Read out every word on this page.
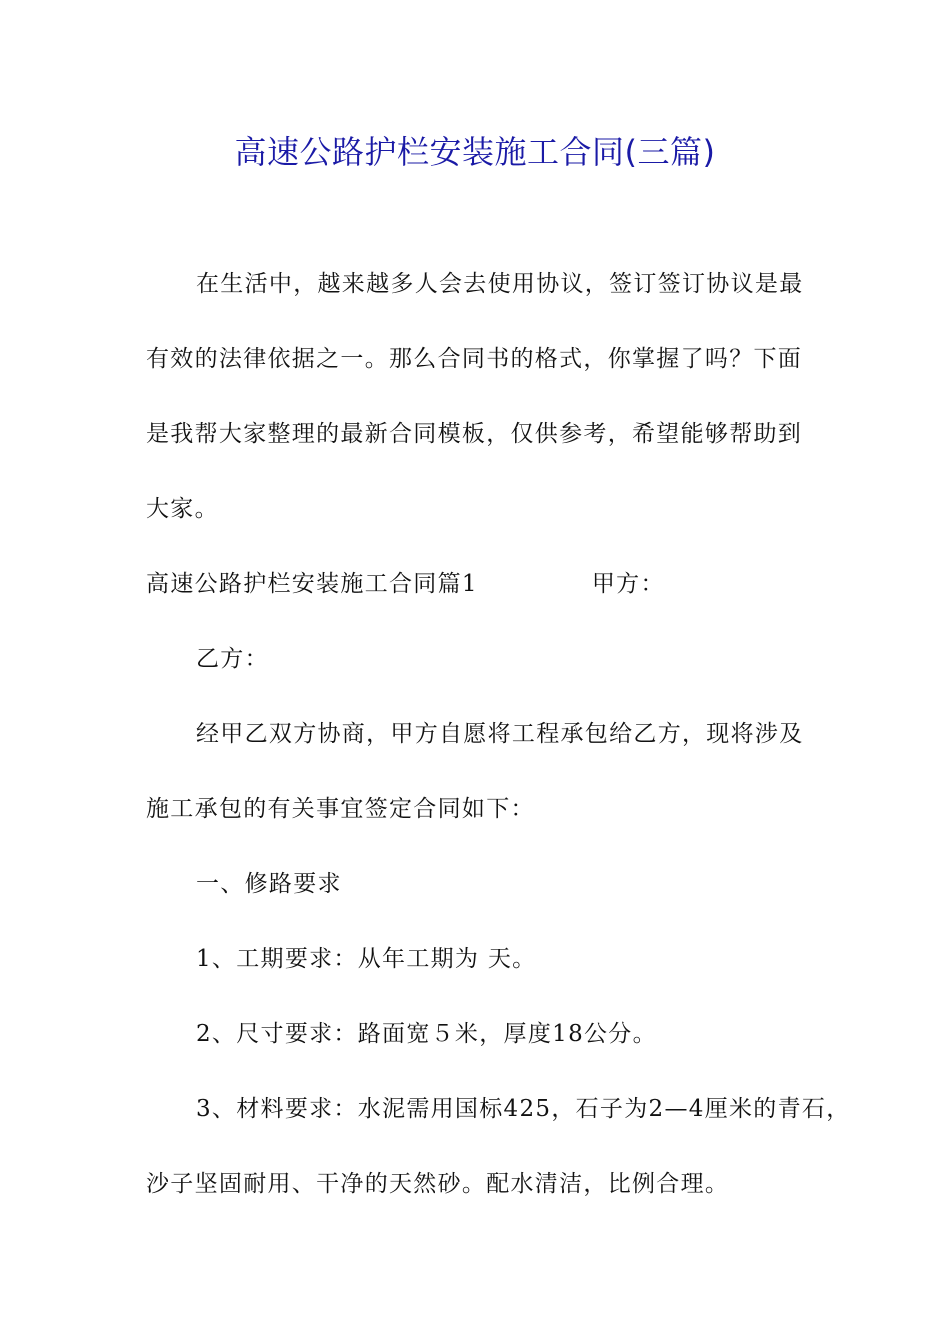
高速公路护栏安装施工合同(三篇)
在生活中，越来越多人会去使用协议，签订签订协议是最
有效的法律依据之一。那么合同书的格式，你掌握了吗？下面
是我帮大家整理的最新合同模板，仅供参考，希望能够帮助到
大家。
高速公路护栏安装施工合同篇1	甲方：
乙方：
经甲乙双方协商，甲方自愿将工程承包给乙方，现将涉及
施工承包的有关事宜签定合同如下：
一、修路要求
1、工期要求：从年工期为 天。
2、尺寸要求：路面宽５米，厚度18公分。
3、材料要求：水泥需用国标425，石子为2—4厘米的青石，
沙子坚固耐用、干净的天然砂。配水清洁，比例合理。
